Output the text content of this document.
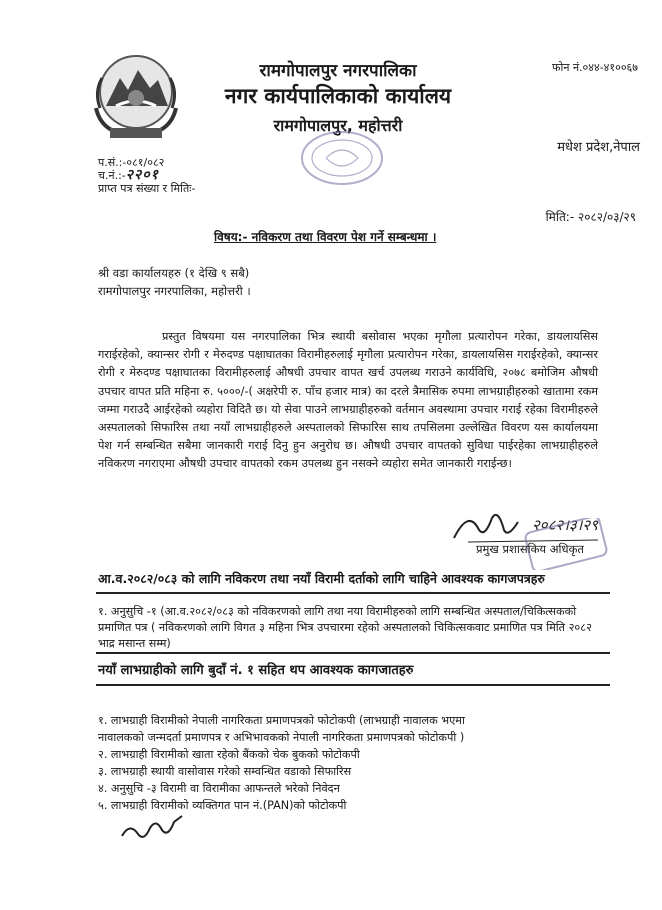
रामगोपालपुर नगरपालिका
नगर कार्यपालिकाको कार्यालय
रामगोपालपुर, महोत्तरी
फोन नं.०४४-४१००६७
मधेश प्रदेश,नेपाल
प.सं.:-०८१/०८२
च.नं.:-२२०१
प्राप्त पत्र संख्या र मितिः-
मिति:- २०८२/०३/२९
विषय:- नविकरण तथा विवरण पेश गर्ने सम्बन्धमा ।
श्री वडा कार्यालयहरु (१ देखि ९ सबै)
रामगोपालपुर नगरपालिका, महोत्तरी ।
प्रस्तुत विषयमा यस नगरपालिका भित्र स्थायी बसोवास भएका मृगौला प्रत्यारोपन गरेका, डायलायसिस गराईरहेको, क्यान्सर रोगी र मेरुदण्ड पक्षाघातका विरामीहरुलाई मृगौला प्रत्यारोपन गरेका, डायलायसिस गराईरहेको, क्यान्सर रोगी र मेरुदण्ड पक्षाघातका विरामीहरुलाई औषधी उपचार वापत खर्च उपलब्ध गराउने कार्यविधि, २०७८ बमोजिम औषधी उपचार वापत प्रति महिना रु. ५०००/-( अक्षरेपी रु. पाँच हजार मात्र) का दरले त्रैमासिक रुपमा लाभग्राहीहरुको खातामा रकम जम्मा गराउदै आईरहेको व्यहोरा विदितै छ। यो सेवा पाउने लाभग्राहीहरुको वर्तमान अवस्थामा उपचार गराई रहेका विरामीहरुले अस्पतालको सिफारिस तथा नयाँ लाभग्राहीहरुले अस्पतालको सिफारिस साथ तपसिलमा उल्लेखित विवरण यस कार्यालयमा पेश गर्न सम्बन्धित सबैमा जानकारी गराई दिनु हुन अनुरोध छ। औषधी उपचार वापतको सुविधा पाईरहेका लाभग्राहीहरुले नविकरण नगराएमा औषधी उपचार वापतको रकम उपलब्ध हुन नसक्ने व्यहोरा समेत जानकारी गराईन्छ।
२०८२।३।२९
प्रमुख प्रशासकिय अधिकृत
आ.व.२०८२/०८३ को लागि नविकरण तथा नयाँ विरामी दर्ताको लागि चाहिने आवश्यक कागजपत्रहरु
१. अनुसुचि -१ (आ.व.२०८२/०८३ को नविकरणको लागि तथा नया विरामीहरुको लागि सम्बन्धित अस्पताल/चिकित्सकको प्रमाणित पत्र ( नविकरणको लागि विगत ३ महिना भित्र उपचारमा रहेको अस्पतालको चिकित्सकवाट प्रमाणित पत्र मिति २०८२ भाद्र मसान्त सम्म)
नयाँ लाभग्राहीको लागि बुदाँ नं. १ सहित थप आवश्यक कागजातहरु
१. लाभग्राही विरामीको नेपाली नागरिकता प्रमाणपत्रको फोटोकपी (लाभग्राही नावालक भएमा
नावालकको जन्मदर्ता प्रमाणपत्र र अभिभावकको नेपाली नागरिकता प्रमाणपत्रको फोटोकपी )
२. लाभग्राही विरामीको खाता रहेको बैंकको चेक बुकको फोटोकपी
३. लाभग्राही स्थायी वासोवास गरेको सम्वन्धित वडाको सिफारिस
४. अनुसुचि -३ विरामी वा विरामीका आफन्तले भरेको निवेदन
५. लाभग्राही विरामीको व्यक्तिगत पान नं.(PAN)को फोटोकपी
